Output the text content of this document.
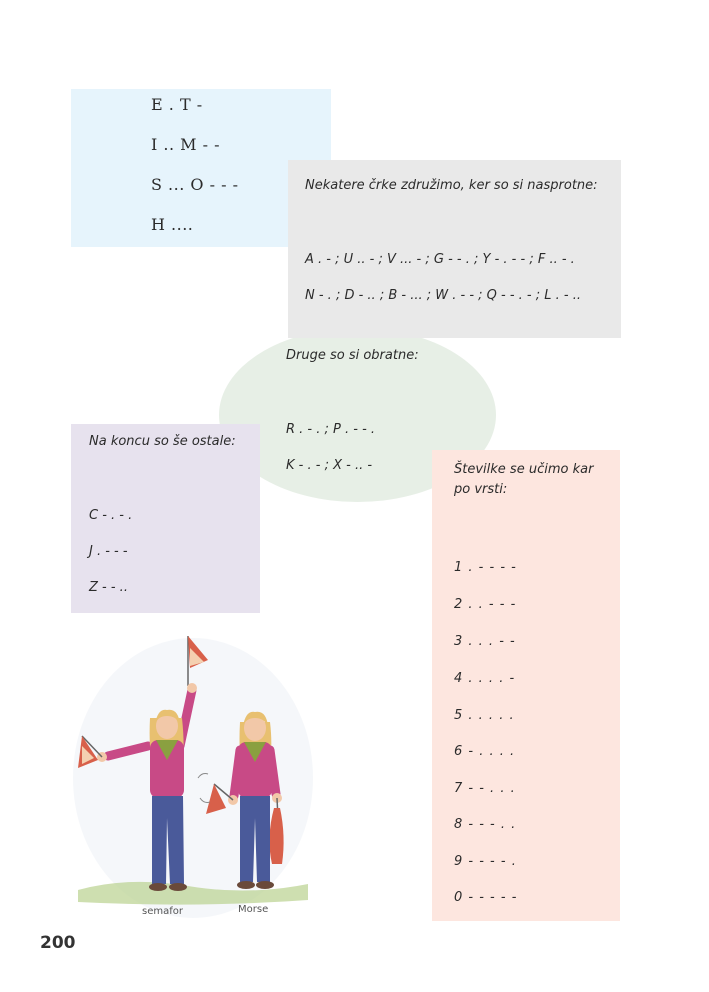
E . T -
I .. M - -
S ... O - - -
H ....
Nekatere črke združimo, ker so si nasprotne:
A . - ; U .. - ; V ... - ; G - - . ; Y - . - - ; F .. - .
N - . ; D - .. ; B - ... ; W . - - ; Q - - . - ; L . - ..
Druge so si obratne:
R . - . ; P . - - .
K - . - ; X - .. -
Na koncu so še ostale:
C - . - .
J . - - -
Z - - ..
Številke se učimo kar
po vrsti:
1 . - - - -
2 . . - - -
3 . . . - -
4 . . . . -
5 . . . . .
6 - . . . .
7 - - . . .
8 - - - . .
9 - - - - .
0 - - - - -
semafor	Morse
200
